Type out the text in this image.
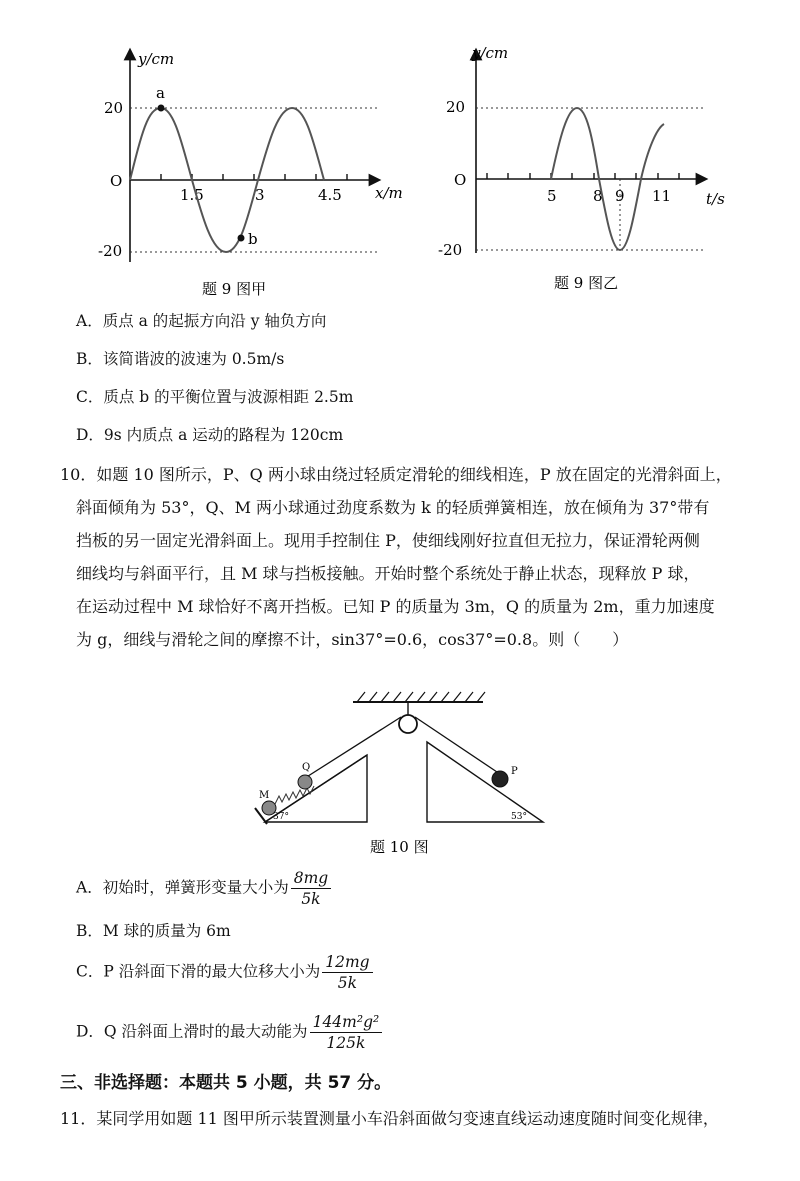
y/cm
x/m
O
20
-20
1.5	3	4.5
a
b
题 9 图甲
y/cm
t/s
O
20
-20
5 8 9 11
题 9 图乙
A．质点 a 的起振方向沿 y 轴负方向
B．该简谐波的波速为 0.5m/s
C．质点 b 的平衡位置与波源相距 2.5m
D．9s 内质点 a 运动的路程为 120cm
10．如题 10 图所示，P、Q 两小球由绕过轻质定滑轮的细线相连，P 放在固定的光滑斜面上，
斜面倾角为 53°，Q、M 两小球通过劲度系数为 k 的轻质弹簧相连，放在倾角为 37°带有
挡板的另一固定光滑斜面上。现用手控制住 P，使细线刚好拉直但无拉力，保证滑轮两侧
细线均与斜面平行，且 M 球与挡板接触。开始时整个系统处于静止状态，现释放 P 球，
在运动过程中 M 球恰好不离开挡板。已知 P 的质量为 3m，Q 的质量为 2m，重力加速度
为 g，细线与滑轮之间的摩擦不计，sin37°=0.6，cos37°=0.8。则（　　）
M
Q
37°
P
53°
题 10 图
A．初始时，弹簧形变量大小为 $\frac{8mg}{5k}$
B．M 球的质量为 6m
C．P 沿斜面下滑的最大位移大小为 $\frac{12mg}{5k}$
D．Q 沿斜面上滑时的最大动能为 $\frac{\text{144m²g²}}{125k}$
三、非选择题：本题共 5 小题，共 57 分。
11．某同学用如题 11 图甲所示装置测量小车沿斜面做匀变速直线运动速度随时间变化规律，
